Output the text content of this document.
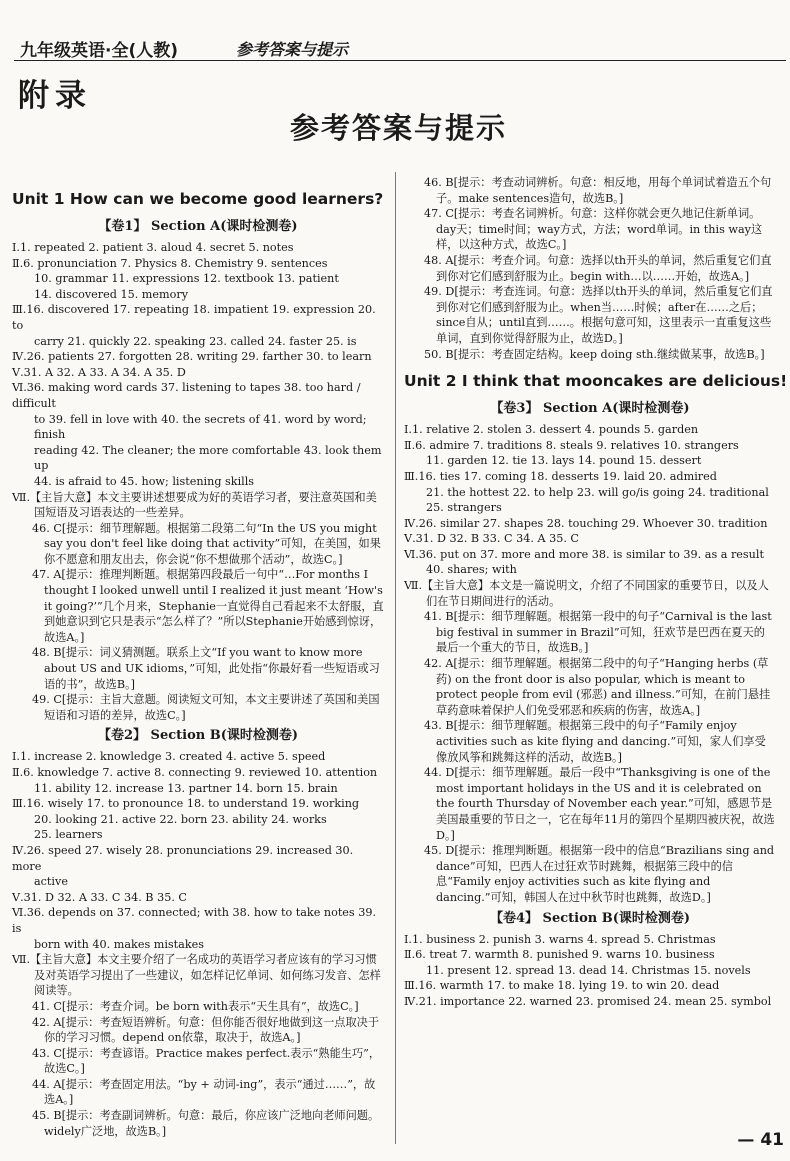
九年级英语·全(人教)	参考答案与提示
附录
参考答案与提示
Unit 1 How can we become good learners?

【卷1】 Section A(课时检测卷)

Ⅰ.1. repeated 2. patient 3. aloud 4. secret 5. notes

Ⅱ.6. pronunciation 7. Physics 8. Chemistry 9. sentences

10. grammar 11. expressions 12. textbook 13. patient

14. discovered 15. memory

Ⅲ.16. discovered 17. repeating 18. impatient 19. expression 20. to

carry 21. quickly 22. speaking 23. called 24. faster 25. is

Ⅳ.26. patients 27. forgotten 28. writing 29. farther 30. to learn

Ⅴ.31. A 32. A 33. A 34. A 35. D

Ⅵ.36. making word cards 37. listening to tapes 38. too hard / difficult

to 39. fell in love with 40. the secrets of 41. word by word; finish

reading 42. The cleaner; the more comfortable 43. look them up

44. is afraid to 45. how; listening skills

Ⅶ.【主旨大意】本文主要讲述想要成为好的英语学习者，要注意英国和美国短语及习语表达的一些差异。

46. C[提示：细节理解题。根据第二段第二句“In the US you might say you don't feel like doing that activity”可知，在美国，如果你不愿意和朋友出去，你会说“你不想做那个活动”，故选C。]

47. A[提示：推理判断题。根据第四段最后一句中“…For months I thought I looked unwell until I realized it just meant ‘How's it going?’”几个月来，Stephanie一直觉得自己看起来不太舒服，直到她意识到它只是表示“怎么样了？”所以Stephanie开始感到惊讶，故选A。]

48. B[提示：词义猜测题。联系上文“If you want to know more about US and UK idioms，”可知，此处指“你最好看一些短语或习语的书”，故选B。]

49. C[提示：主旨大意题。阅读短文可知，本文主要讲述了英国和美国短语和习语的差异，故选C。]

【卷2】 Section B(课时检测卷)

Ⅰ.1. increase 2. knowledge 3. created 4. active 5. speed

Ⅱ.6. knowledge 7. active 8. connecting 9. reviewed 10. attention

11. ability 12. increase 13. partner 14. born 15. brain

Ⅲ.16. wisely 17. to pronounce 18. to understand 19. working

20. looking 21. active 22. born 23. ability 24. works

25. learners

Ⅳ.26. speed 27. wisely 28. pronunciations 29. increased 30. more

active

Ⅴ.31. D 32. A 33. C 34. B 35. C

Ⅵ.36. depends on 37. connected; with 38. how to take notes 39. is

born with 40. makes mistakes

Ⅶ.【主旨大意】本文主要介绍了一名成功的英语学习者应该有的学习习惯及对英语学习提出了一些建议，如怎样记忆单词、如何练习发音、怎样阅读等。

41. C[提示：考查介词。be born with表示“天生具有”，故选C。]

42. A[提示：考查短语辨析。句意：但你能否很好地做到这一点取决于你的学习习惯。depend on依靠，取决于，故选A。]

43. C[提示：考查谚语。Practice makes perfect.表示“熟能生巧”，故选C。]

44. A[提示：考查固定用法。“by + 动词-ing”，表示“通过……”，故选A。]

45. B[提示：考查副词辨析。句意：最后，你应该广泛地向老师问题。widely广泛地，故选B。]

46. B[提示：考查动词辨析。句意：相反地，用每个单词试着造五个句子。make sentences造句，故选B。]

47. C[提示：考查名词辨析。句意：这样你就会更久地记住新单词。day天；time时间；way方式，方法；word单词。in this way这样，以这种方式，故选C。]

48. A[提示：考查介词。句意：选择以th开头的单词，然后重复它们直到你对它们感到舒服为止。begin with…以……开始，故选A。]

49. D[提示：考查连词。句意：选择以th开头的单词，然后重复它们直到你对它们感到舒服为止。when当……时候；after在……之后；since自从；until直到……。根据句意可知，这里表示一直重复这些单词，直到你觉得舒服为止，故选D。]

50. B[提示：考查固定结构。keep doing sth.继续做某事，故选B。]

Unit 2 I think that mooncakes are delicious!

【卷3】 Section A(课时检测卷)

Ⅰ.1. relative 2. stolen 3. dessert 4. pounds 5. garden

Ⅱ.6. admire 7. traditions 8. steals 9. relatives 10. strangers

11. garden 12. tie 13. lays 14. pound 15. dessert

Ⅲ.16. ties 17. coming 18. desserts 19. laid 20. admired

21. the hottest 22. to help 23. will go/is going 24. traditional

25. strangers

Ⅳ.26. similar 27. shapes 28. touching 29. Whoever 30. tradition

Ⅴ.31. D 32. B 33. C 34. A 35. C

Ⅵ.36. put on 37. more and more 38. is similar to 39. as a result

40. shares; with

Ⅶ.【主旨大意】本文是一篇说明文，介绍了不同国家的重要节日，以及人们在节日期间进行的活动。

41. B[提示：细节理解题。根据第一段中的句子“Carnival is the last big festival in summer in Brazil”可知，狂欢节是巴西在夏天的最后一个重大的节日，故选B。]

42. A[提示：细节理解题。根据第二段中的句子“Hanging herbs (草药) on the front door is also popular, which is meant to protect people from evil (邪恶) and illness.”可知，在前门悬挂草药意味着保护人们免受邪恶和疾病的伤害，故选A。]

43. B[提示：细节理解题。根据第三段中的句子“Family enjoy activities such as kite flying and dancing.”可知，家人们享受像放风筝和跳舞这样的活动，故选B。]

44. D[提示：细节理解题。最后一段中“Thanksgiving is one of the most important holidays in the US and it is celebrated on the fourth Thursday of November each year.”可知，感恩节是美国最重要的节日之一，它在每年11月的第四个星期四被庆祝，故选D。]

45. D[提示：推理判断题。根据第一段中的信息“Brazilians sing and dance”可知，巴西人在过狂欢节时跳舞，根据第三段中的信息“Family enjoy activities such as kite flying and dancing.”可知，韩国人在过中秋节时也跳舞，故选D。]

【卷4】 Section B(课时检测卷)

Ⅰ.1. business 2. punish 3. warns 4. spread 5. Christmas

Ⅱ.6. treat 7. warmth 8. punished 9. warns 10. business

11. present 12. spread 13. dead 14. Christmas 15. novels

Ⅲ.16. warmth 17. to make 18. lying 19. to win 20. dead

Ⅳ.21. importance 22. warned 23. promised 24. mean 25. symbol

— 41
